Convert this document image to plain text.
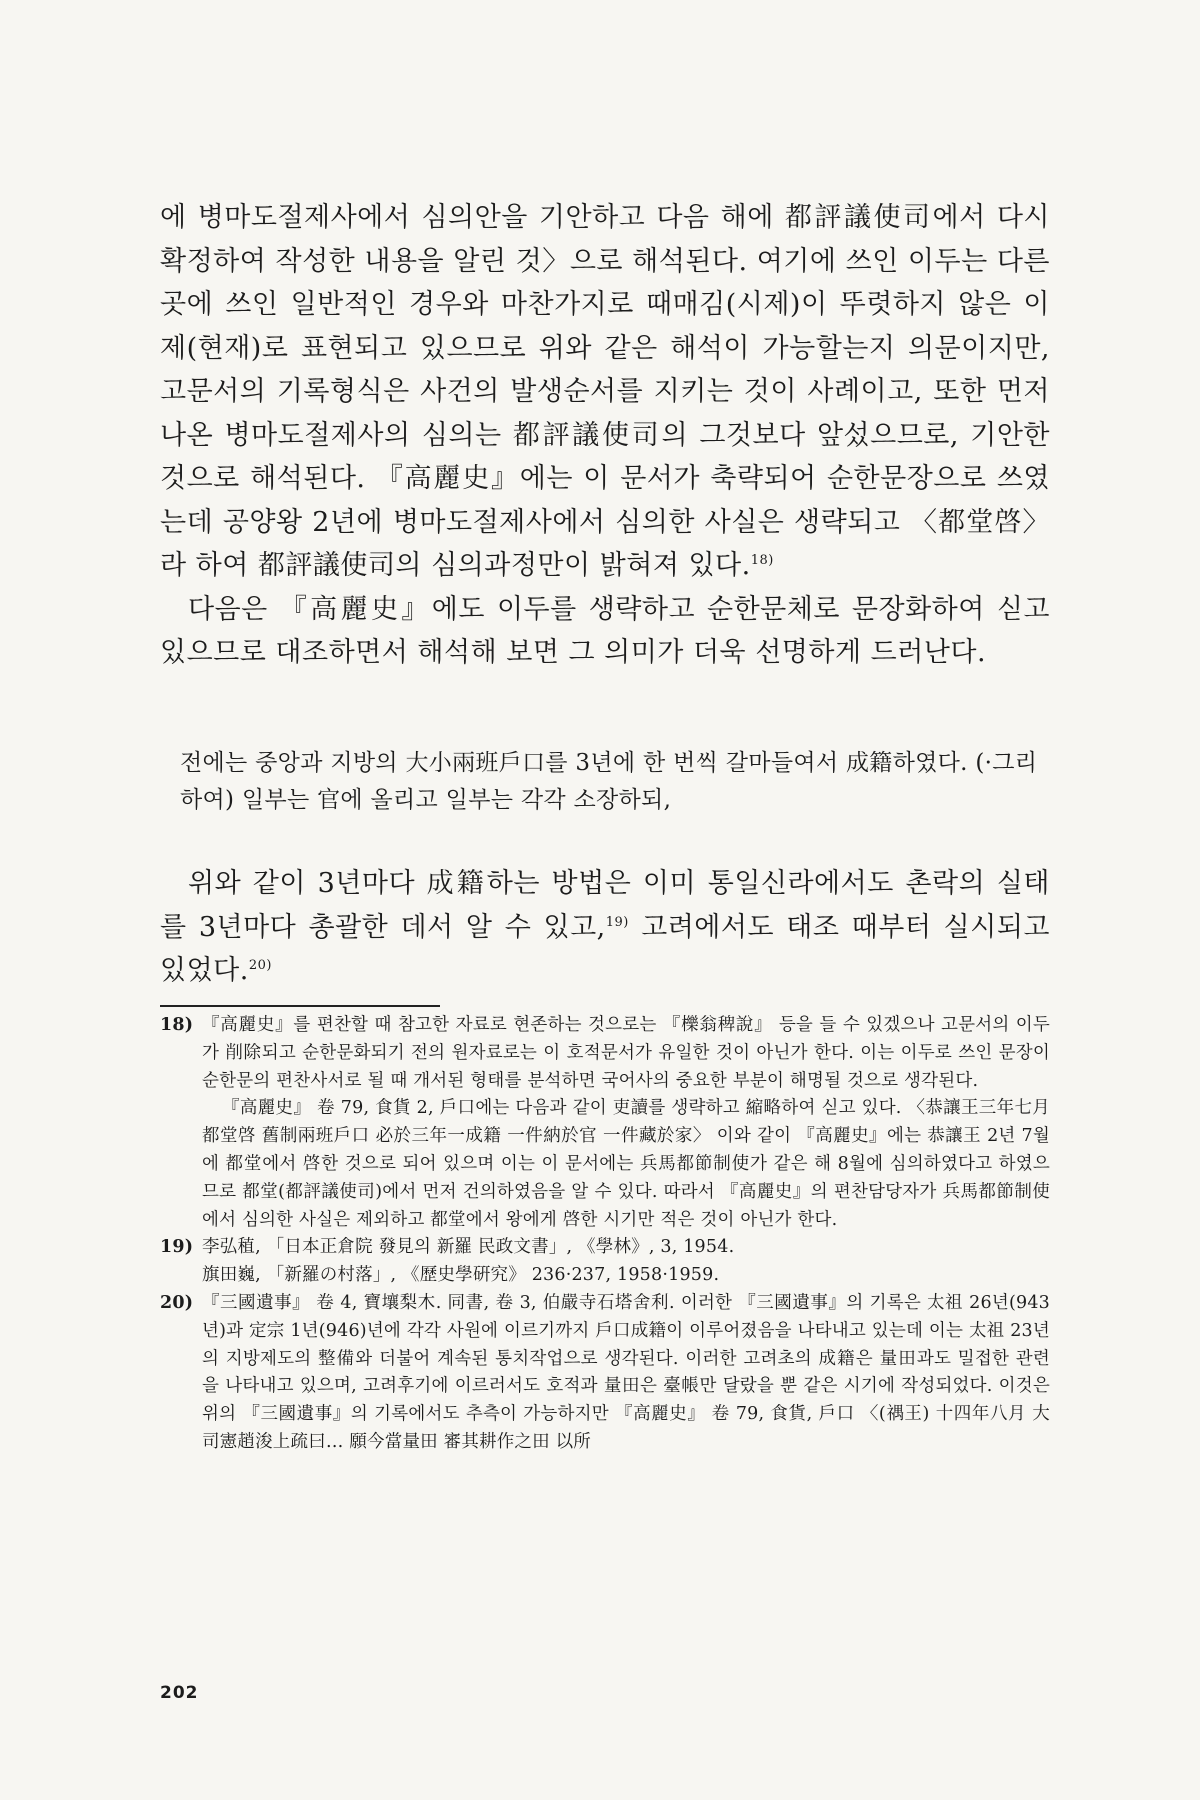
에 병마도절제사에서 심의안을 기안하고 다음 해에 都評議使司에서 다시 확정하여 작성한 내용을 알린 것〉으로 해석된다. 여기에 쓰인 이두는 다른 곳에 쓰인 일반적인 경우와 마찬가지로 때매김(시제)이 뚜렷하지 않은 이제(현재)로 표현되고 있으므로 위와 같은 해석이 가능할는지 의문이지만, 고문서의 기록형식은 사건의 발생순서를 지키는 것이 사례이고, 또한 먼저 나온 병마도절제사의 심의는 都評議使司의 그것보다 앞섰으므로, 기안한 것으로 해석된다. 『高麗史』에는 이 문서가 축략되어 순한문장으로 쓰였는데 공양왕 2년에 병마도절제사에서 심의한 사실은 생략되고 〈都堂啓〉라 하여 都評議使司의 심의과정만이 밝혀져 있다.$^{18)}$

다음은 『高麗史』에도 이두를 생략하고 순한문체로 문장화하여 싣고 있으므로 대조하면서 해석해 보면 그 의미가 더욱 선명하게 드러난다.

전에는 중앙과 지방의 大小兩班戶口를 3년에 한 번씩 갈마들여서 成籍하였다. (·그리하여) 일부는 官에 올리고 일부는 각각 소장하되,

위와 같이 3년마다 成籍하는 방법은 이미 통일신라에서도 촌락의 실태를 3년마다 총괄한 데서 알 수 있고,$^{19)}$ 고려에서도 태조 때부터 실시되고 있었다.$^{20)}$

18) 『高麗史』를 편찬할 때 참고한 자료로 현존하는 것으로는 『櫟翁稗說』 등을 들 수 있겠으나 고문서의 이두가 削除되고 순한문화되기 전의 원자료로는 이 호적문서가 유일한 것이 아닌가 한다. 이는 이두로 쓰인 문장이 순한문의 편찬사서로 될 때 개서된 형태를 분석하면 국어사의 중요한 부분이 해명될 것으로 생각된다.

『高麗史』 卷 79, 食貨 2, 戶口에는 다음과 같이 吏讀를 생략하고 縮略하여 싣고 있다. 〈恭讓王三年七月 都堂啓 舊制兩班戶口 必於三年一成籍 一件納於官 一件藏於家〉 이와 같이 『高麗史』에는 恭讓王 2년 7월에 都堂에서 啓한 것으로 되어 있으며 이는 이 문서에는 兵馬都節制使가 같은 해 8월에 심의하였다고 하였으므로 都堂(都評議使司)에서 먼저 건의하였음을 알 수 있다. 따라서 『高麗史』의 편찬담당자가 兵馬都節制使에서 심의한 사실은 제외하고 都堂에서 왕에게 啓한 시기만 적은 것이 아닌가 한다.

19) 李弘稙, 「日本正倉院 發見의 新羅 民政文書」, 《學林》, 3, 1954.

旗田巍, 「新羅の村落」, 《歷史學硏究》 236·237, 1958·1959.

20) 『三國遺事』 卷 4, 寶壤梨木. 同書, 卷 3, 伯嚴寺石塔舍利. 이러한 『三國遺事』의 기록은 太祖 26년(943년)과 定宗 1년(946)년에 각각 사원에 이르기까지 戶口成籍이 이루어졌음을 나타내고 있는데 이는 太祖 23년의 지방제도의 整備와 더불어 계속된 통치작업으로 생각된다. 이러한 고려초의 成籍은 量田과도 밀접한 관련을 나타내고 있으며, 고려후기에 이르러서도 호적과 量田은 臺帳만 달랐을 뿐 같은 시기에 작성되었다. 이것은 위의 『三國遺事』의 기록에서도 추측이 가능하지만 『高麗史』 卷 79, 食貨, 戶口 〈(禑王) 十四年八月 大司憲趙浚上疏曰… 願今當量田 審其耕作之田 以所

202
